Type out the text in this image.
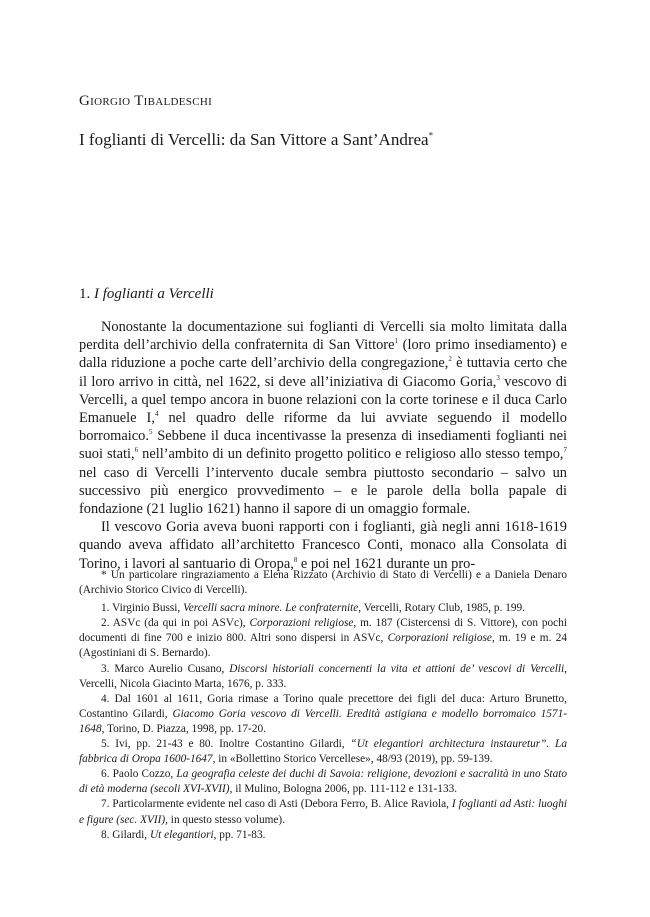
Giorgio Tibaldeschi
I foglianti di Vercelli: da San Vittore a Sant’Andrea*
1. I foglianti a Vercelli

Nonostante la documentazione sui foglianti di Vercelli sia molto limitata dalla perdita dell’archivio della confraternita di San Vittore$^1$ (loro primo insediamento) e dalla riduzione a poche carte dell’archivio della congregazione,$^2$ è tuttavia certo che il loro arrivo in città, nel 1622, si deve all’iniziativa di Giacomo Goria,$^3$ vescovo di Vercelli, a quel tempo ancora in buone relazioni con la corte torinese e il duca Carlo Emanuele I,$^4$ nel quadro delle riforme da lui avviate seguendo il modello borromaico.$^5$ Sebbene il duca incentivasse la presenza di insediamenti foglianti nei suoi stati,$^6$ nell’ambito di un definito progetto politico e religioso allo stesso tempo,$^7$ nel caso di Vercelli l’intervento ducale sembra piuttosto secondario – salvo un successivo più energico provvedimento – e le parole della bolla papale di fondazione (21 luglio 1621) hanno il sapore di un omaggio formale.

Il vescovo Goria aveva buoni rapporti con i foglianti, già negli anni 1618-1619 quando aveva affidato all’architetto Francesco Conti, monaco alla Consolata di Torino, i lavori al santuario di Oropa,$^8$ e poi nel 1621 durante un pro-

* Un particolare ringraziamento a Elena Rizzato (Archivio di Stato di Vercelli) e a Daniela Denaro (Archivio Storico Civico di Vercelli).

1. Virginio Bussi, Vercelli sacra minore. Le confraternite, Vercelli, Rotary Club, 1985, p. 199.

2. ASVc (da qui in poi ASVc), Corporazioni religiose, m. 187 (Cistercensi di S. Vittore), con pochi documenti di fine 700 e inizio 800. Altri sono dispersi in ASVc, Corporazioni religiose, m. 19 e m. 24 (Agostiniani di S. Bernardo).

3. Marco Aurelio Cusano, Discorsi historiali concernenti la vita et attioni de’ vescovi di Vercelli, Vercelli, Nicola Giacinto Marta, 1676, p. 333.

4. Dal 1601 al 1611, Goria rimase a Torino quale precettore dei figli del duca: Arturo Brunetto, Costantino Gilardi, Giacomo Goria vescovo di Vercelli. Eredità astigiana e modello borromaico 1571-1648, Torino, D. Piazza, 1998, pp. 17-20.

5. Ivi, pp. 21-43 e 80. Inoltre Costantino Gilardi, “Ut elegantiori architectura instauretur”. La fabbrica di Oropa 1600-1647, in «Bollettino Storico Vercellese», 48/93 (2019), pp. 59-139.

6. Paolo Cozzo, La geografia celeste dei duchi di Savoia: religione, devozioni e sacralità in uno Stato di età moderna (secoli XVI-XVII), il Mulino, Bologna 2006, pp. 111-112 e 131-133.

7. Particolarmente evidente nel caso di Asti (Debora Ferro, B. Alice Raviola, I foglianti ad Asti: luoghi e figure (sec. XVII), in questo stesso volume).

8. Gilardi, Ut elegantiori, pp. 71-83.
